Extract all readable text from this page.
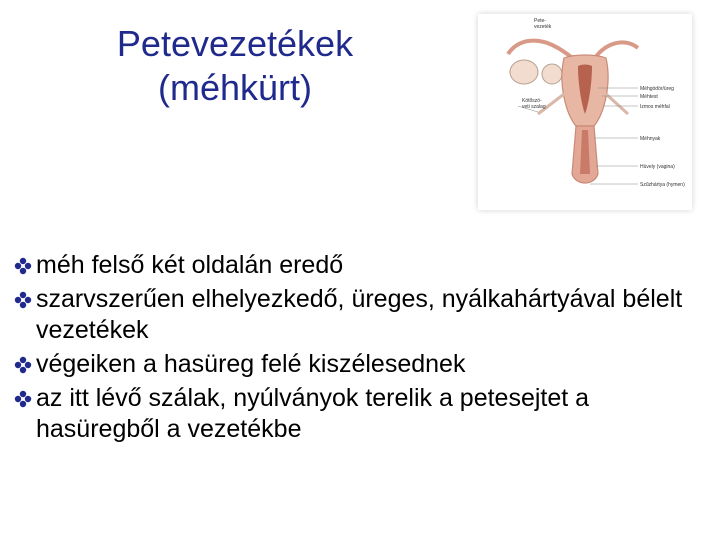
Petevezetékek
(méhkürt)
Pete-
vezeték
Kötőszö-
veti szalag
Méhgödör/üreg
Méhtest
Izmos méhfal
Méhnyak
Hüvely (vagina)
Szűzhártya (hymen)
méh felső két oldalán eredő
szarvszerűen elhelyezkedő, üreges, nyálkahártyával bélelt vezetékek
végeiken a hasüreg felé kiszélesednek
az itt lévő szálak, nyúlványok terelik a petesejtet a hasüregből a vezetékbe
